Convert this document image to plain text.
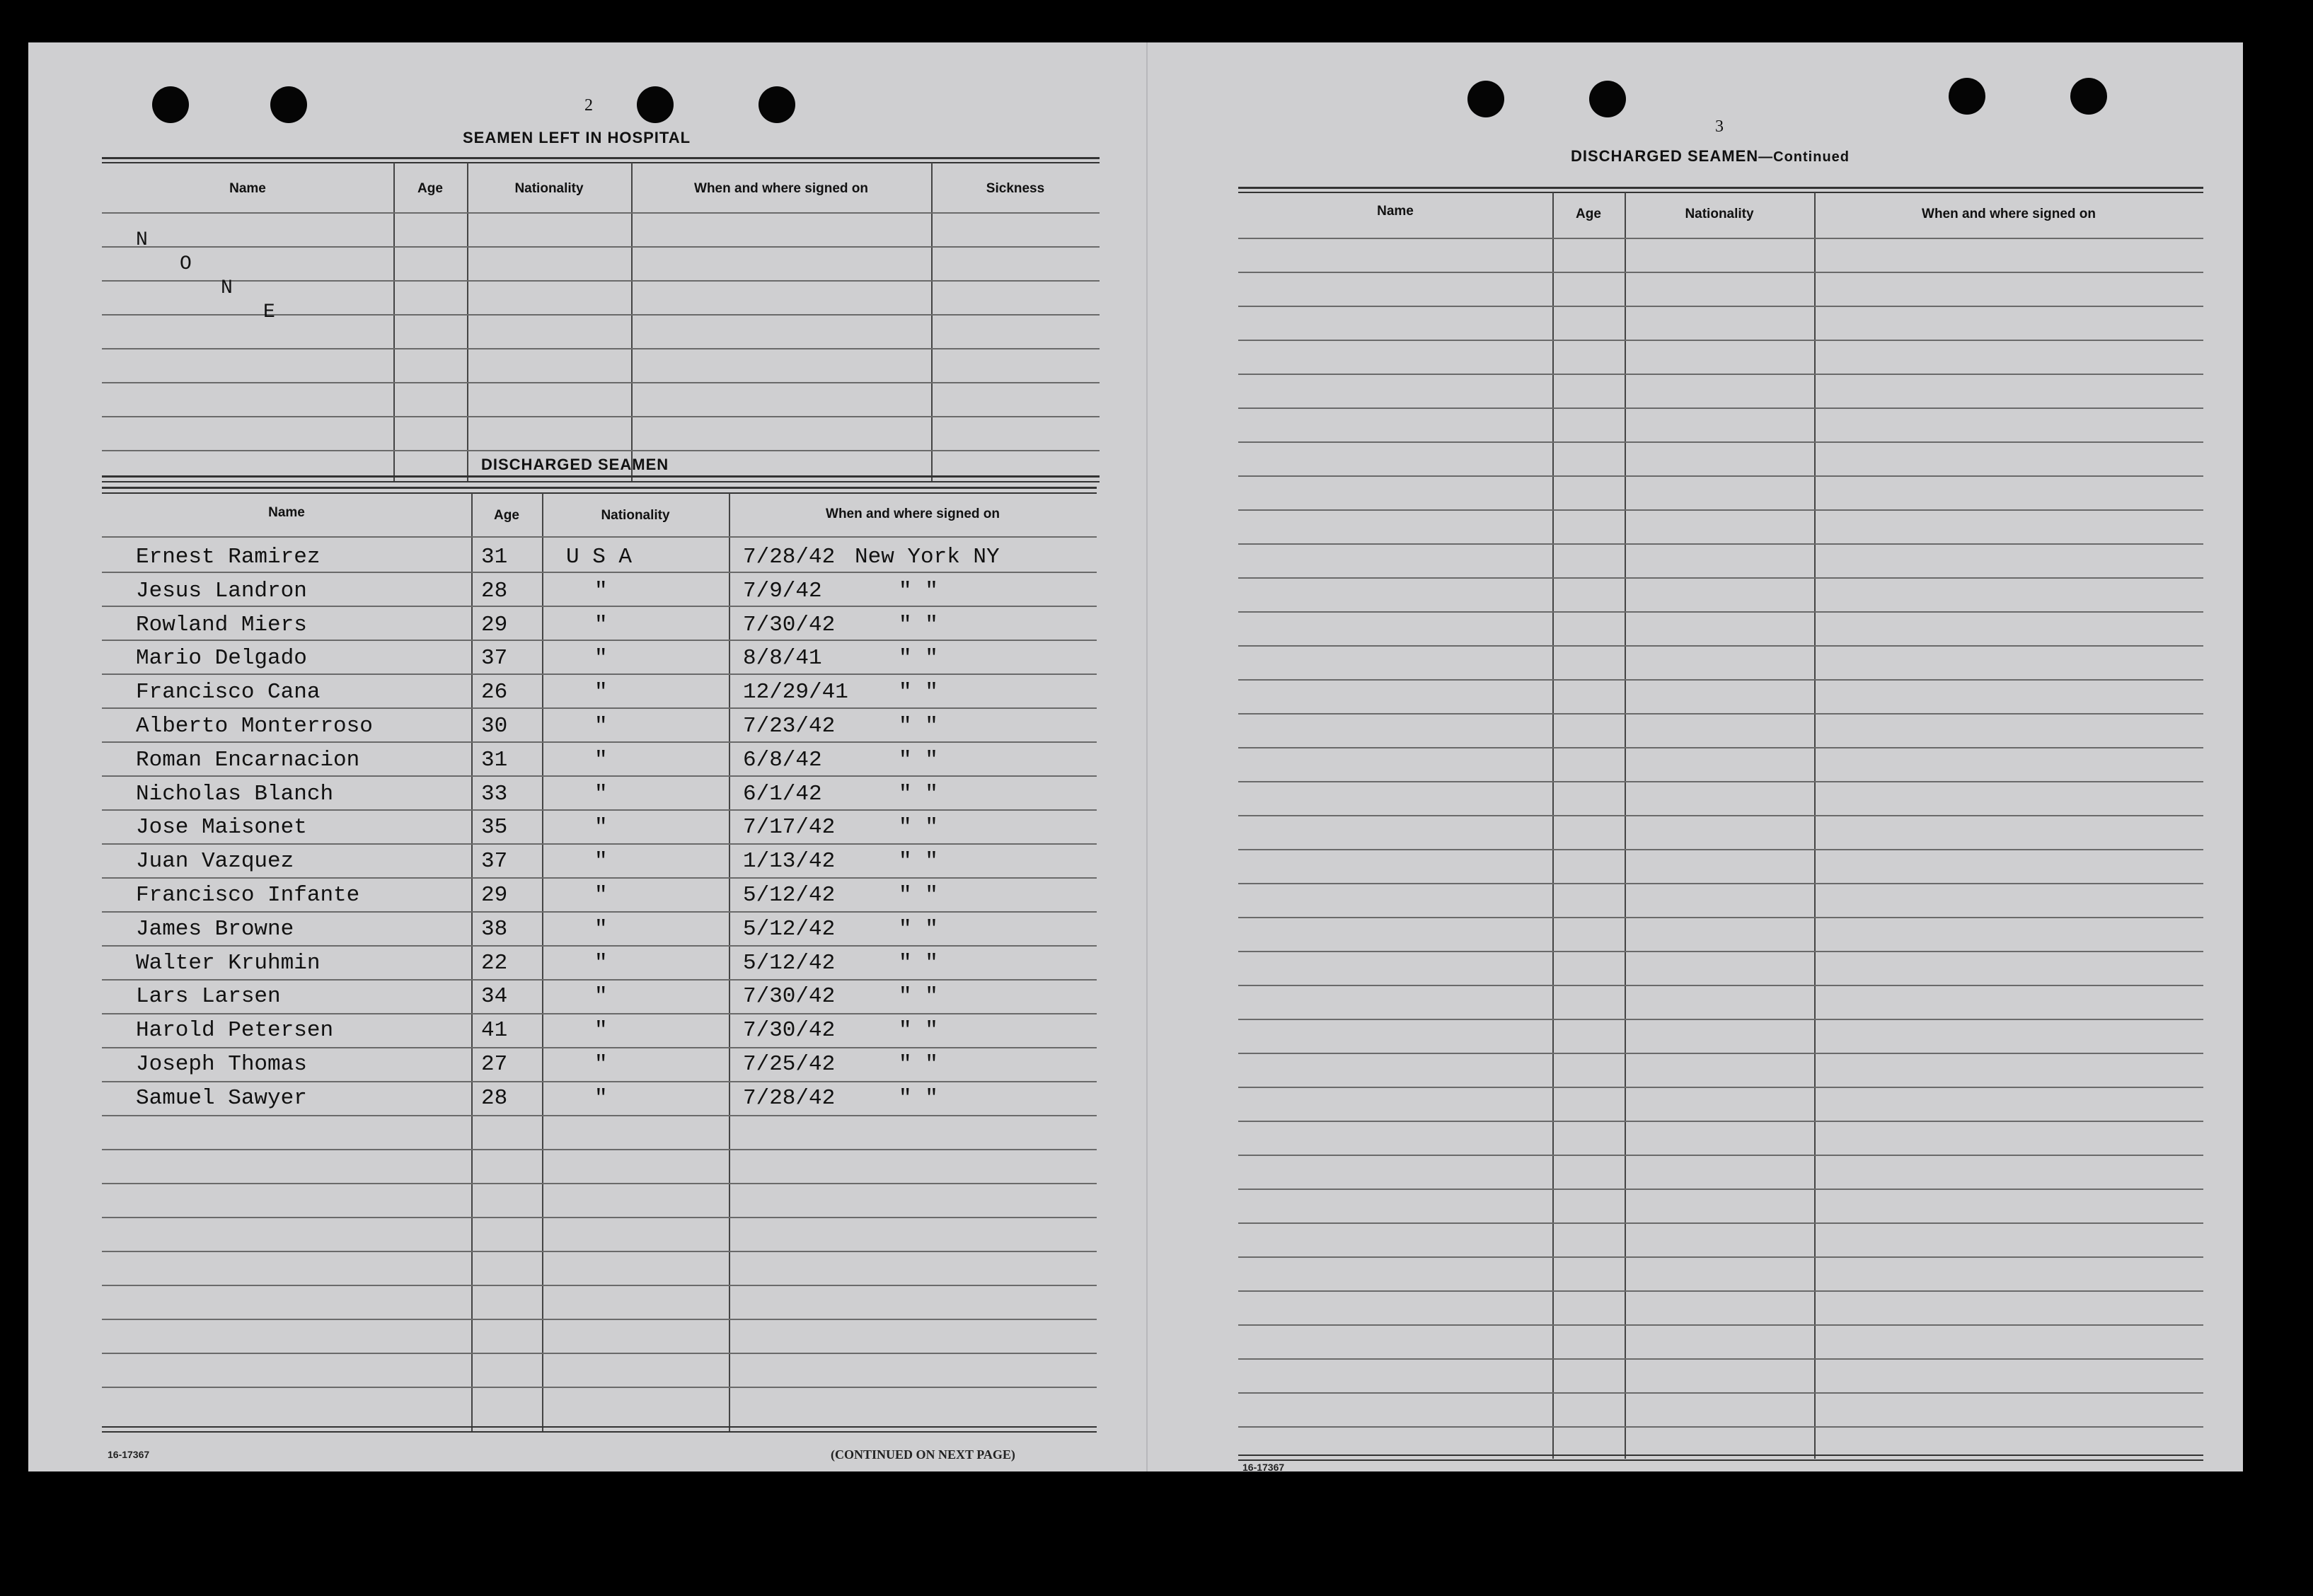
2
SEAMEN LEFT IN HOSPITAL
Name	Age	Nationality	When and where signed on	Sickness
N
O
N
E
DISCHARGED SEAMEN
Name	Age	Nationality	When and where signed on
Ernest Ramirez	31	U S A	7/28/42 New York NY
Jesus Landron	28	"	7/9/42	" "
Rowland Miers	29	"	7/30/42	" "
Mario Delgado	37	"	8/8/41	" "
Francisco Cana	26	"	12/29/41 " "
Alberto Monterroso	30	"	7/23/42	" "
Roman Encarnacion	31	"	6/8/42	" "
Nicholas Blanch	33	"	6/1/42	" "
Jose Maisonet	35	"	7/17/42	" "
Juan Vazquez	37	"	1/13/42	" "
Francisco Infante	29	"	5/12/42	" "
James Browne	38	"	5/12/42	" "
Walter Kruhmin	22	"	5/12/42	" "
Lars Larsen	34	"	7/30/42	" "
Harold Petersen	41	"	7/30/42	" "
Joseph Thomas	27	"	7/25/42	" "
Samuel Sawyer	28	"	7/28/42	" "
16-17367	(CONTINUED ON NEXT PAGE)
3
DISCHARGED SEAMEN—Continued
Name	Age	Nationality	When and where signed on
16-17367
